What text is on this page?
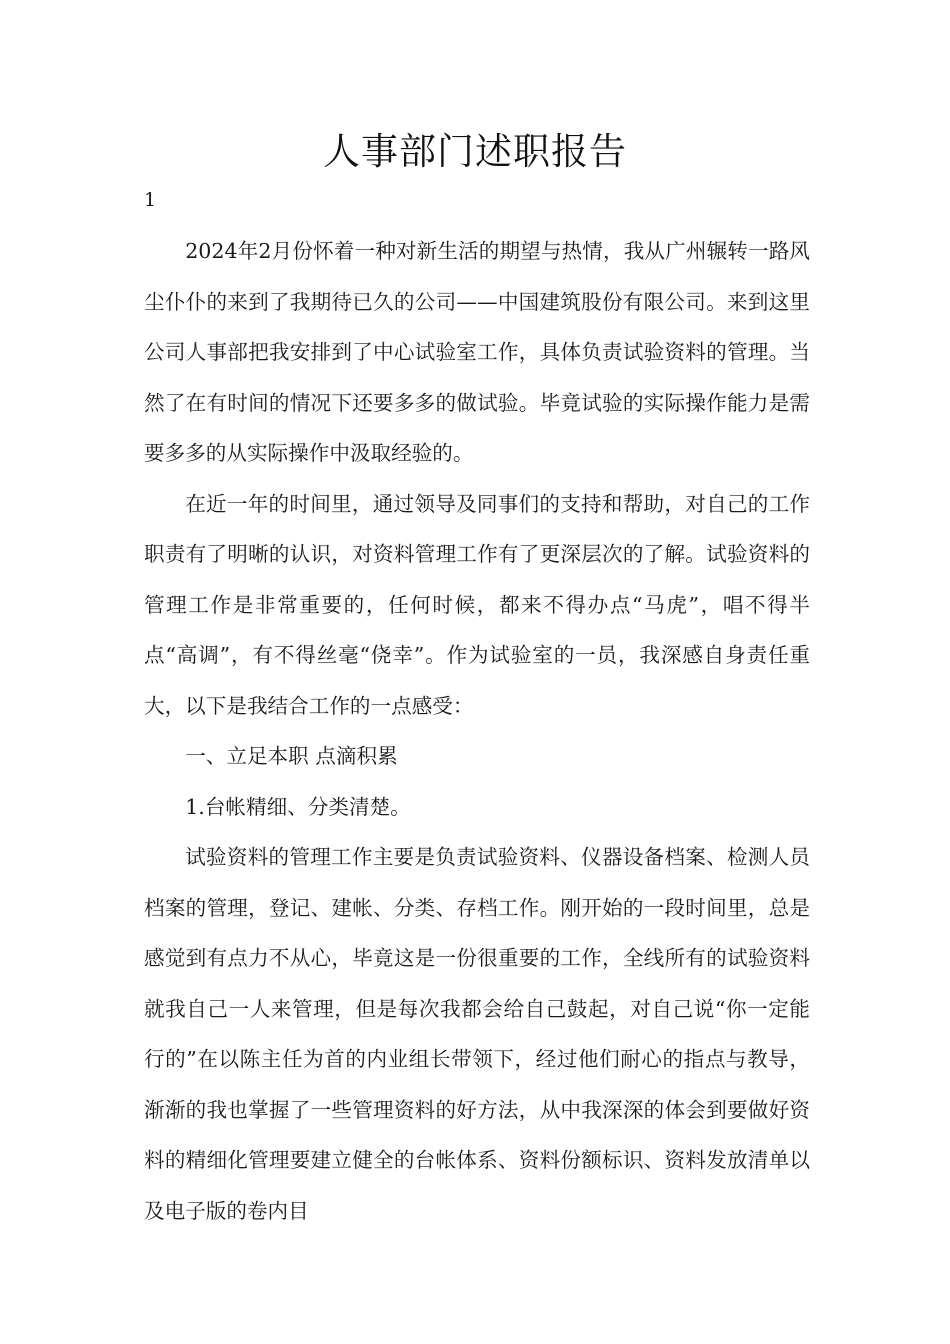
人事部门述职报告
1

2024年2月份怀着一种对新生活的期望与热情，我从广州辗转一路风尘仆仆的来到了我期待已久的公司——中国建筑股份有限公司。来到这里公司人事部把我安排到了中心试验室工作，具体负责试验资料的管理。当然了在有时间的情况下还要多多的做试验。毕竟试验的实际操作能力是需要多多的从实际操作中汲取经验的。

在近一年的时间里，通过领导及同事们的支持和帮助，对自己的工作职责有了明晰的认识，对资料管理工作有了更深层次的了解。试验资料的管理工作是非常重要的，任何时候，都来不得办点“马虎”，唱不得半点“高调”，有不得丝毫“侥幸”。作为试验室的一员，我深感自身责任重大，以下是我结合工作的一点感受：

一、立足本职 点滴积累

1.台帐精细、分类清楚。

试验资料的管理工作主要是负责试验资料、仪器设备档案、检测人员档案的管理，登记、建帐、分类、存档工作。刚开始的一段时间里，总是感觉到有点力不从心，毕竟这是一份很重要的工作，全线所有的试验资料就我自己一人来管理，但是每次我都会给自己鼓起，对自己说“你一定能行的”在以陈主任为首的内业组长带领下，经过他们耐心的指点与教导，渐渐的我也掌握了一些管理资料的好方法，从中我深深的体会到要做好资料的精细化管理要建立健全的台帐体系、资料份额标识、资料发放清单以及电子版的卷内目
